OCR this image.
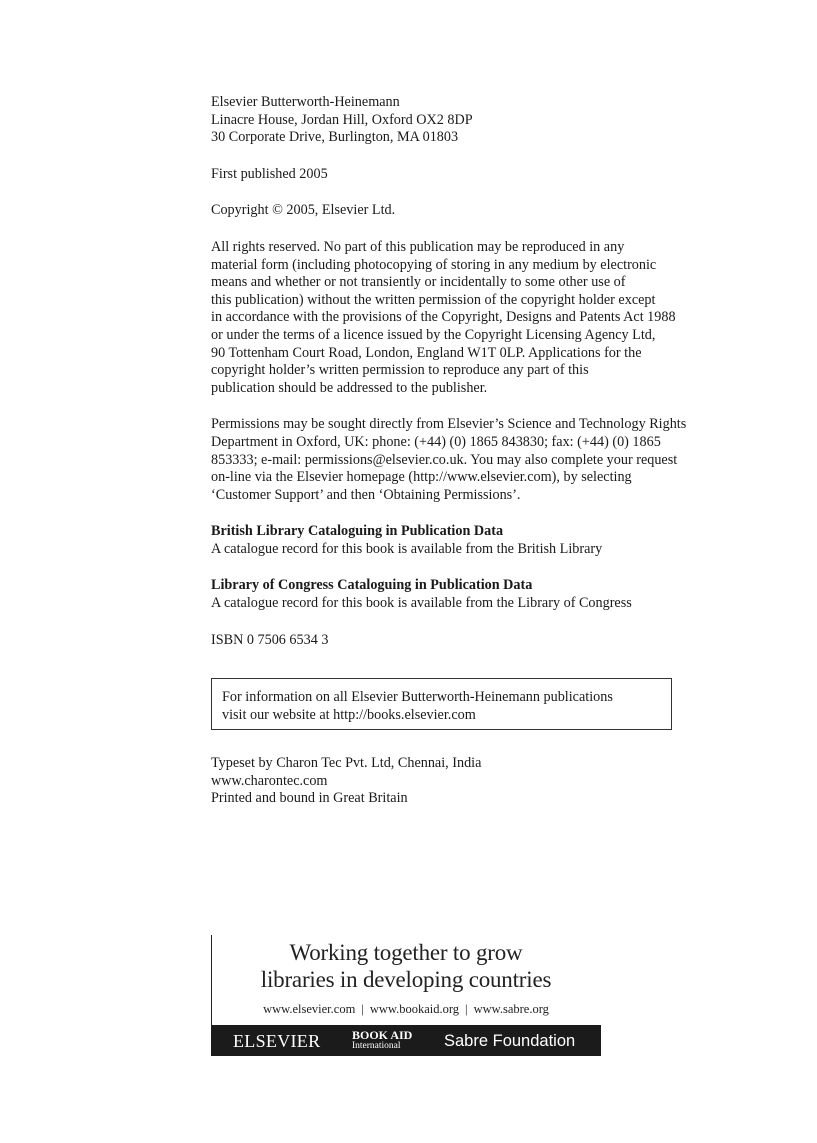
Elsevier Butterworth-Heinemann
Linacre House, Jordan Hill, Oxford OX2 8DP
30 Corporate Drive, Burlington, MA 01803
First published 2005
Copyright © 2005, Elsevier Ltd.
All rights reserved. No part of this publication may be reproduced in any
material form (including photocopying of storing in any medium by electronic
means and whether or not transiently or incidentally to some other use of
this publication) without the written permission of the copyright holder except
in accordance with the provisions of the Copyright, Designs and Patents Act 1988
or under the terms of a licence issued by the Copyright Licensing Agency Ltd,
90 Tottenham Court Road, London, England W1T 0LP. Applications for the
copyright holder’s written permission to reproduce any part of this
publication should be addressed to the publisher.
Permissions may be sought directly from Elsevier’s Science and Technology Rights
Department in Oxford, UK: phone: (+44) (0) 1865 843830; fax: (+44) (0) 1865
853333; e-mail: permissions@elsevier.co.uk. You may also complete your request
on-line via the Elsevier homepage (http://www.elsevier.com), by selecting
‘Customer Support’ and then ‘Obtaining Permissions’.
British Library Cataloguing in Publication Data
A catalogue record for this book is available from the British Library
Library of Congress Cataloguing in Publication Data
A catalogue record for this book is available from the Library of Congress
ISBN 0 7506 6534 3
For information on all Elsevier Butterworth-Heinemann publications
visit our website at http://books.elsevier.com
Typeset by Charon Tec Pvt. Ltd, Chennai, India
www.charontec.com
Printed and bound in Great Britain
Working together to grow
libraries in developing countries
www.elsevier.com | www.bookaid.org | www.sabre.org
ELSEVIER	BOOK AID
International	Sabre Foundation
